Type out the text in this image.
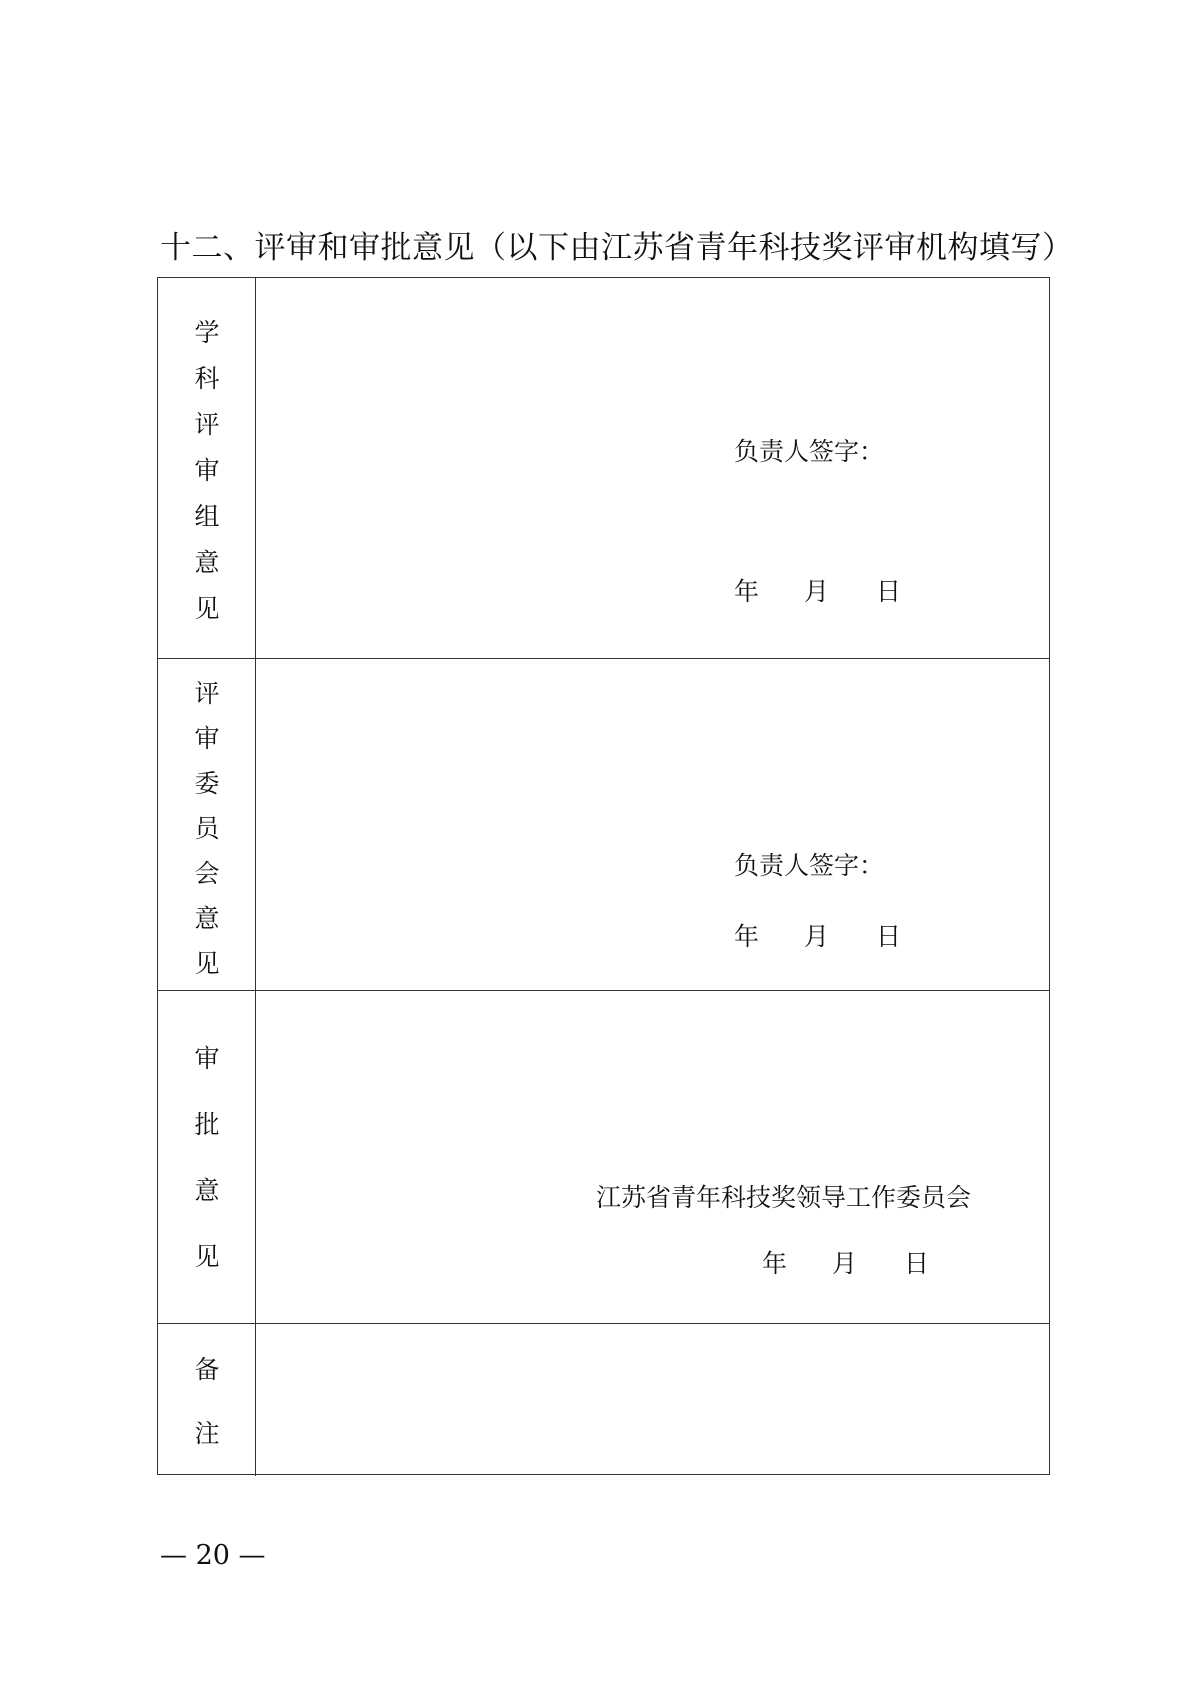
十二、评审和审批意见（以下由江苏省青年科技奖评审机构填写）
学
科
评
审
组
意
见
负责人签字：
年 月 日
评
审
委
员
会
意
见
负责人签字：
年 月 日
审
批
意
见
江苏省青年科技奖领导工作委员会
年 月 日
备
注
— 20 —
